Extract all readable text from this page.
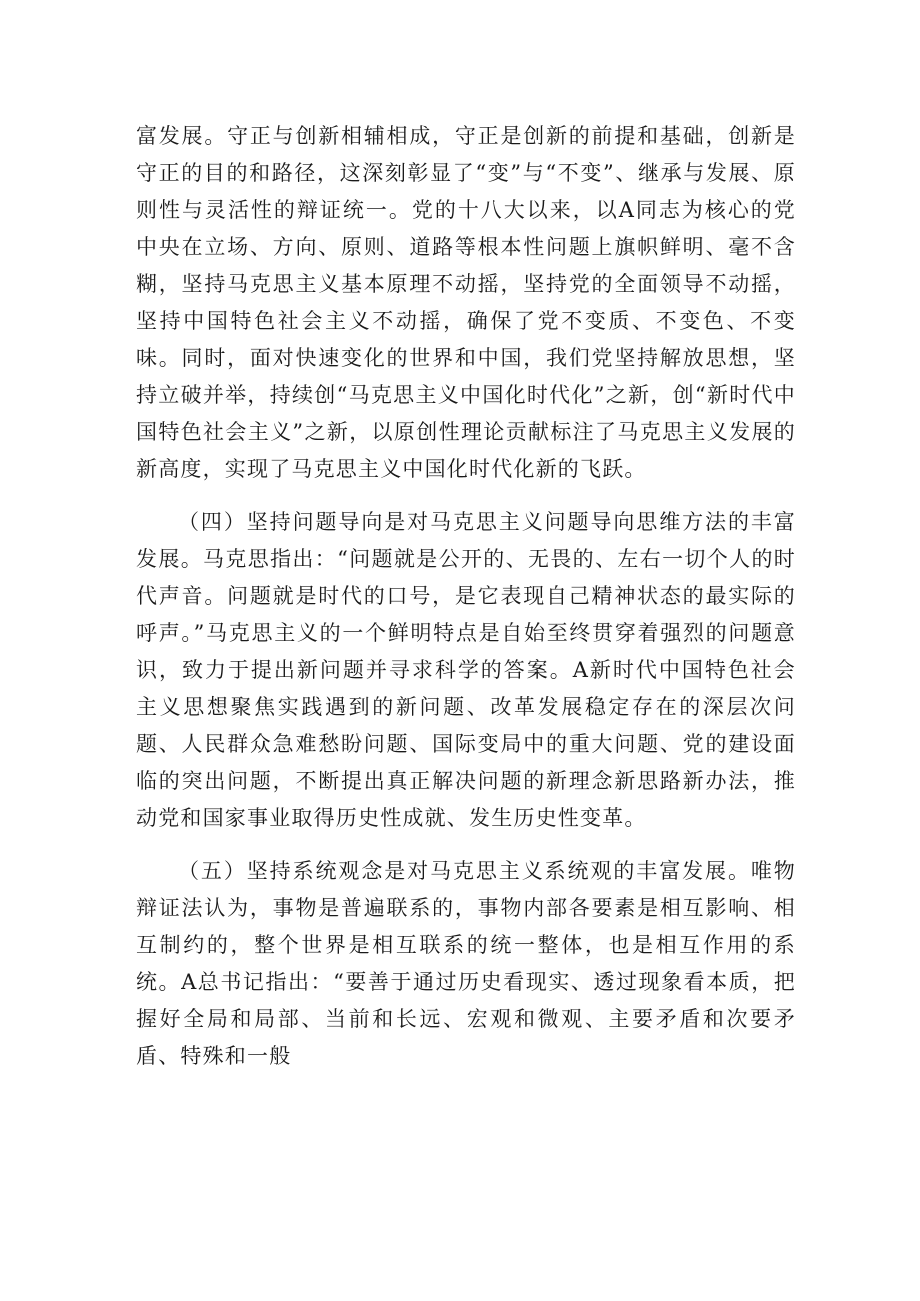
富发展。守正与创新相辅相成，守正是创新的前提和基础，创新是守正的目的和路径，这深刻彰显了“变”与“不变”、继承与发展、原则性与灵活性的辩证统一。党的十八大以来，以A同志为核心的党中央在立场、方向、原则、道路等根本性问题上旗帜鲜明、毫不含糊，坚持马克思主义基本原理不动摇，坚持党的全面领导不动摇，坚持中国特色社会主义不动摇，确保了党不变质、不变色、不变味。同时，面对快速变化的世界和中国，我们党坚持解放思想，坚持立破并举，持续创“马克思主义中国化时代化”之新，创“新时代中国特色社会主义”之新，以原创性理论贡献标注了马克思主义发展的新高度，实现了马克思主义中国化时代化新的飞跃。

（四）坚持问题导向是对马克思主义问题导向思维方法的丰富发展。马克思指出：“问题就是公开的、无畏的、左右一切个人的时代声音。问题就是时代的口号，是它表现自己精神状态的最实际的呼声。”马克思主义的一个鲜明特点是自始至终贯穿着强烈的问题意识，致力于提出新问题并寻求科学的答案。A新时代中国特色社会主义思想聚焦实践遇到的新问题、改革发展稳定存在的深层次问题、人民群众急难愁盼问题、国际变局中的重大问题、党的建设面临的突出问题，不断提出真正解决问题的新理念新思路新办法，推动党和国家事业取得历史性成就、发生历史性变革。

（五）坚持系统观念是对马克思主义系统观的丰富发展。唯物辩证法认为，事物是普遍联系的，事物内部各要素是相互影响、相互制约的，整个世界是相互联系的统一整体，也是相互作用的系统。A总书记指出：“要善于通过历史看现实、透过现象看本质，把握好全局和局部、当前和长远、宏观和微观、主要矛盾和次要矛盾、特殊和一般
